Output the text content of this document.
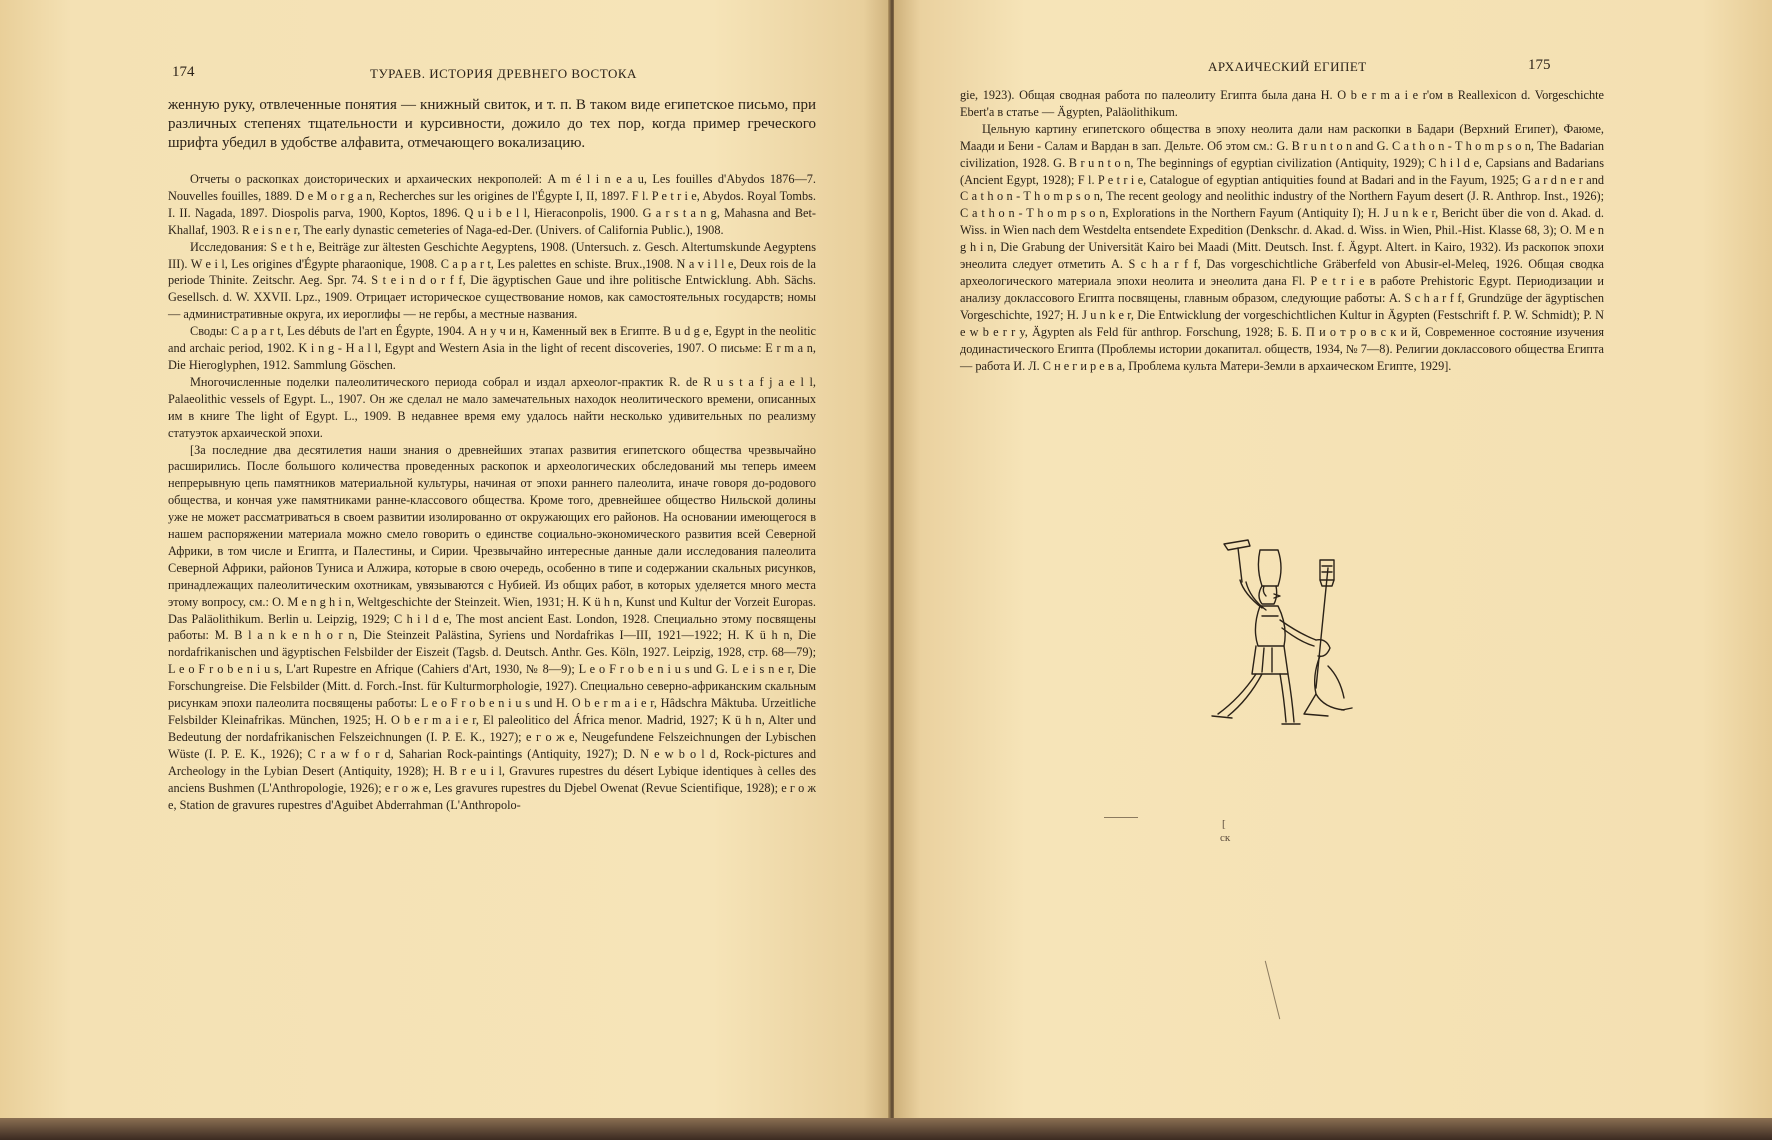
174	ТУРАЕВ. ИСТОРИЯ ДРЕВНЕГО ВОСТОКА

женную руку, отвлеченные понятия — книжный свиток, и т. п. В таком виде египетское письмо, при различных степенях тщательности и курсивности, дожило до тех пор, когда пример греческого шрифта убедил в удобстве алфавита, отмечающего вокализацию.

Отчеты о раскопках доисторических и архаических некрополей: A m é l i n e a u, Les fouilles d'Abydos 1876—7. Nouvelles fouilles, 1889. D e M o r g a n, Recherches sur les origines de l'Égypte I, II, 1897. F l. P e t r i e, Abydos. Royal Tombs. I. II. Nagada, 1897. Diospolis parva, 1900, Koptos, 1896. Q u i b e l l, Hieraconpolis, 1900. G a r s t a n g, Mahasna and Bet-Khallaf, 1903. R e i s n e r, The early dynastic cemeteries of Naga-ed-Der. (Univers. of California Public.), 1908.

Исследования: S e t h e, Beiträge zur ältesten Geschichte Aegyptens, 1908. (Untersuch. z. Gesch. Altertumskunde Aegyptens III). W e i l, Les origines d'Égypte pharaonique, 1908. C a p a r t, Les palettes en schiste. Brux.,1908. N a v i l l e, Deux rois de la periode Thinite. Zeitschr. Aeg. Spr. 74. S t e i n d o r f f, Die ägyptischen Gaue und ihre politische Entwicklung. Abh. Sächs. Gesellsch. d. W. XXVII. Lpz., 1909. Отрицает историческое существование номов, как самостоятельных государств; номы — административные округа, их иероглифы — не гербы, а местные названия.

Своды: C a p a r t, Les débuts de l'art en Égypte, 1904. А н у ч и н, Каменный век в Египте. B u d g e, Egypt in the neolitic and archaic period, 1902. K i n g - H a l l, Egypt and Western Asia in the light of recent discoveries, 1907. О письме: E r m a n, Die Hieroglyphen, 1912. Sammlung Göschen.

Многочисленные поделки палеолитического периода собрал и издал археолог-практик R. de R u s t a f j a e l l, Palaeolithic vessels of Egypt. L., 1907. Он же сделал не мало замечательных находок неолитического времени, описанных им в книге The light of Egypt. L., 1909. В недавнее время ему удалось найти несколько удивительных по реализму статуэток архаической эпохи.

[За последние два десятилетия наши знания о древнейших этапах развития египетского общества чрезвычайно расширились. После большого количества проведенных раскопок и археологических обследований мы теперь имеем непрерывную цепь памятников материальной культуры, начиная от эпохи раннего палеолита, иначе говоря до-родового общества, и кончая уже памятниками ранне-классового общества. Кроме того, древнейшее общество Нильской долины уже не может рассматриваться в своем развитии изолированно от окружающих его районов. На основании имеющегося в нашем распоряжении материала можно смело говорить о единстве социально-экономического развития всей Северной Африки, в том числе и Египта, и Палестины, и Сирии. Чрезвычайно интересные данные дали исследования палеолита Северной Африки, районов Туниса и Алжира, которые в свою очередь, особенно в типе и содержании скальных рисунков, принадлежащих палеолитическим охотникам, увязываются с Нубией. Из общих работ, в которых уделяется много места этому вопросу, см.: O. M e n g h i n, Weltgeschichte der Steinzeit. Wien, 1931; H. K ü h n, Kunst und Kultur der Vorzeit Europas. Das Paläolithikum. Berlin u. Leipzig, 1929; C h i l d e, The most ancient East. London, 1928. Специально этому посвящены работы: M. B l a n k e n h o r n, Die Steinzeit Palästina, Syriens und Nordafrikas I—III, 1921—1922; H. K ü h n, Die nordafrikanischen und ägyptischen Felsbilder der Eiszeit (Tagsb. d. Deutsch. Anthr. Ges. Köln, 1927. Leipzig, 1928, стр. 68—79); L e o F r o b e n i u s, L'art Rupestre en Afrique (Cahiers d'Art, 1930, № 8—9); L e o F r o b e n i u s und G. L e i s n e r, Die Forschungreise. Die Felsbilder (Mitt. d. Forch.-Inst. für Kulturmorphologie, 1927). Специально северно-африканским скальным рисункам эпохи палеолита посвящены работы: L e o F r o b e n i u s und H. O b e r m a i e r, Hâdschra Mâktuba. Urzeitliche Felsbilder Kleinafrikas. München, 1925; H. O b e r m a i e r, El paleolitico del África menor. Madrid, 1927; K ü h n, Alter und Bedeutung der nordafrikanischen Felszeichnungen (I. P. E. K., 1927); е г о ж е, Neugefundene Felszeichnungen der Lybischen Wüste (I. P. E. K., 1926); C r a w f o r d, Saharian Rock-paintings (Antiquity, 1927); D. N e w b o l d, Rock-pictures and Archeology in the Lybian Desert (Antiquity, 1928); H. B r e u i l, Gravures rupestres du désert Lybique identiques à celles des anciens Bushmen (L'Anthropologie, 1926); е г о ж е, Les gravures rupestres du Djebel Owenat (Revue Scientifique, 1928); е г о ж е, Station de gravures rupestres d'Aguibet Abderrahman (L'Anthropolo-

АРХАИЧЕСКИЙ ЕГИПЕТ	175

gie, 1923). Общая сводная работа по палеолиту Египта была дана H. O b e r m a i e r'ом в Reallexicon d. Vorgeschichte Ebert'a в статье — Ägypten, Paläolithikum.

Цельную картину египетского общества в эпоху неолита дали нам раскопки в Бадари (Верхний Египет), Фаюме, Маади и Бени - Салам и Вардан в зап. Дельте. Об этом см.: G. B r u n t o n and G. C a t h o n - T h o m p s o n, The Badarian civilization, 1928. G. B r u n t o n, The beginnings of egyptian civilization (Antiquity, 1929); C h i l d e, Capsians and Badarians (Ancient Egypt, 1928); F l. P e t r i e, Catalogue of egyptian antiquities found at Badari and in the Fayum, 1925; G a r d n e r and C a t h o n - T h o m p s o n, The recent geology and neolithic industry of the Northern Fayum desert (J. R. Anthrop. Inst., 1926); C a t h o n - T h o m p s o n, Explorations in the Northern Fayum (Antiquity I); H. J u n k e r, Bericht über die von d. Akad. d. Wiss. in Wien nach dem Westdelta entsendete Expedition (Denkschr. d. Akad. d. Wiss. in Wien, Phil.-Hist. Klasse 68, 3); O. M e n g h i n, Die Grabung der Universität Kairo bei Maadi (Mitt. Deutsch. Inst. f. Ägypt. Altert. in Kairo, 1932). Из раскопок эпохи энеолита следует отметить A. S c h a r f f, Das vorgeschichtliche Gräberfeld von Abusir-el-Meleq, 1926. Общая сводка археологического материала эпохи неолита и энеолита дана Fl. P e t r i e в работе Prehistoric Egypt. Периодизации и анализу доклассового Египта посвящены, главным образом, следующие работы: A. S c h a r f f, Grundzüge der ägyptischen Vorgeschichte, 1927; H. J u n k e r, Die Entwicklung der vorgeschichtlichen Kultur in Ägypten (Festschrift f. P. W. Schmidt); P. N e w b e r r y, Ägypten als Feld für anthrop. Forschung, 1928; Б. Б. П и о т р о в с к и й, Современное состояние изучения додинастического Египта (Проблемы истории докапитал. обществ, 1934, № 7—8). Религии доклассового общества Египта — работа И. Л. С н е г и р е в а, Проблема культа Матери-Земли в архаическом Египте, 1929].

[
ск
